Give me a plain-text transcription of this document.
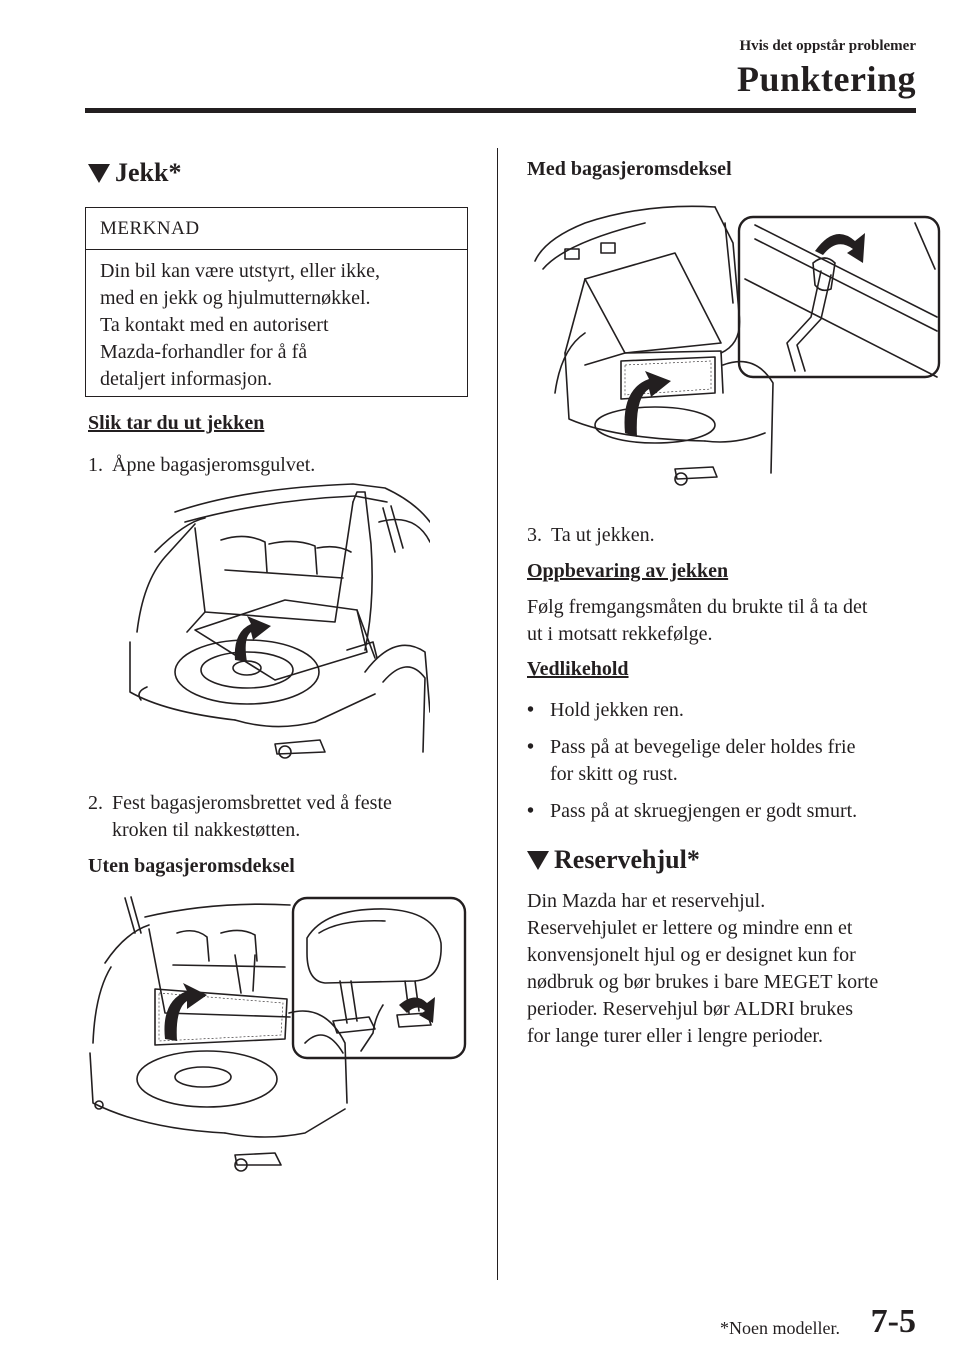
Hvis det oppstår problemer
Punktering
Jekk*
MERKNAD
Din bil kan være utstyrt, eller ikke,
med en jekk og hjulmutternøkkel.
Ta kontakt med en autorisert
Mazda-forhandler for å få
detaljert informasjon.
Slik tar du ut jekken
1. Åpne bagasjeromsgulvet.
2. Fest bagasjeromsbrettet ved å feste
kroken til nakkestøtten.
Uten bagasjeromsdeksel
Med bagasjeromsdeksel
3. Ta ut jekken.
Oppbevaring av jekken
Følg fremgangsmåten du brukte til å ta det
ut i motsatt rekkefølge.
Vedlikehold
• Hold jekken ren.
• Pass på at bevegelige deler holdes frie
for skitt og rust.
• Pass på at skruegjengen er godt smurt.
Reservehjul*
Din Mazda har et reservehjul.
Reservehjulet er lettere og mindre enn et
konvensjonelt hjul og er designet kun for
nødbruk og bør brukes i bare MEGET korte
perioder. Reservehjul bør ALDRI brukes
for lange turer eller i lengre perioder.
*Noen modeller. 7-5
